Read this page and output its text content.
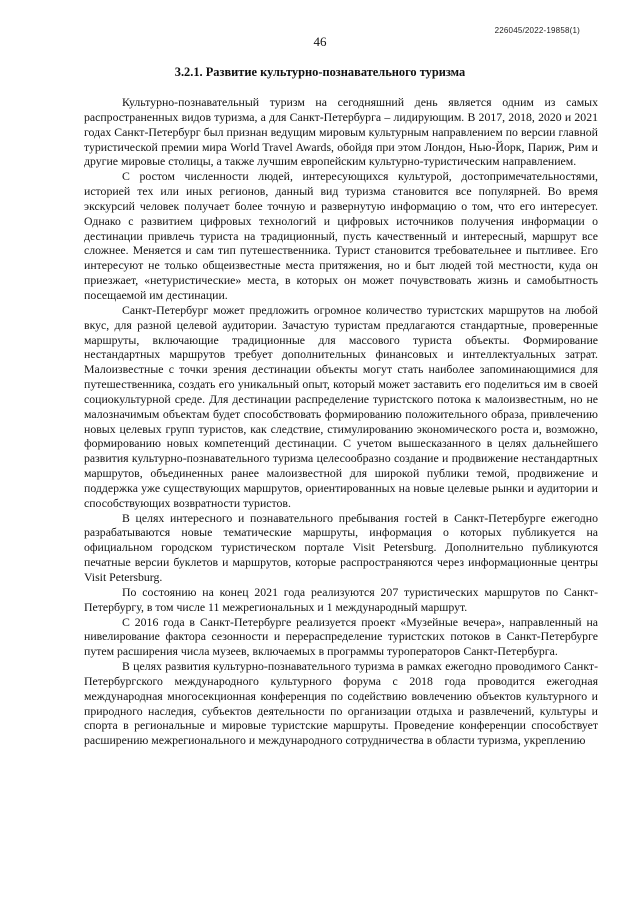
226045/2022-19858(1)
46
3.2.1. Развитие культурно-познавательного туризма

Культурно-познавательный туризм на сегодняшний день является одним из самых распространенных видов туризма, а для Санкт-Петербурга – лидирующим. В 2017, 2018, 2020 и 2021 годах Санкт-Петербург был признан ведущим мировым культурным направлением по версии главной туристической премии мира World Travel Awards, обойдя при этом Лондон, Нью-Йорк, Париж, Рим и другие мировые столицы, а также лучшим европейским культурно-туристическим направлением.

С ростом численности людей, интересующихся культурой, достопримечательностями, историей тех или иных регионов, данный вид туризма становится все популярней. Во время экскурсий человек получает более точную и развернутую информацию о том, что его интересует. Однако с развитием цифровых технологий и цифровых источников получения информации о дестинации привлечь туриста на традиционный, пусть качественный и интересный, маршрут все сложнее. Меняется и сам тип путешественника. Турист становится требовательнее и пытливее. Его интересуют не только общеизвестные места притяжения, но и быт людей той местности, куда он приезжает, «нетуристические» места, в которых он может почувствовать жизнь и самобытность посещаемой им дестинации.

Санкт-Петербург может предложить огромное количество туристских маршрутов на любой вкус, для разной целевой аудитории. Зачастую туристам предлагаются стандартные, проверенные маршруты, включающие традиционные для массового туриста объекты. Формирование нестандартных маршрутов требует дополнительных финансовых и интеллектуальных затрат. Малоизвестные с точки зрения дестинации объекты могут стать наиболее запоминающимися для путешественника, создать его уникальный опыт, который может заставить его поделиться им в своей социокультурной среде. Для дестинации распределение туристского потока к малоизвестным, но не малозначимым объектам будет способствовать формированию положительного образа, привлечению новых целевых групп туристов, как следствие, стимулированию экономического роста и, возможно, формированию новых компетенций дестинации. С учетом вышесказанного в целях дальнейшего развития культурно-познавательного туризма целесообразно создание и продвижение нестандартных маршрутов, объединенных ранее малоизвестной для широкой публики темой, продвижение и поддержка уже существующих маршрутов, ориентированных на новые целевые рынки и аудитории и способствующих возвратности туристов.

В целях интересного и познавательного пребывания гостей в Санкт-Петербурге ежегодно разрабатываются новые тематические маршруты, информация о которых публикуется на официальном городском туристическом портале Visit Petersburg. Дополнительно публикуются печатные версии буклетов и маршрутов, которые распространяются через информационные центры Visit Petersburg.

По состоянию на конец 2021 года реализуются 207 туристических маршрутов по Санкт-Петербургу, в том числе 11 межрегиональных и 1 международный маршрут.

С 2016 года в Санкт-Петербурге реализуется проект «Музейные вечера», направленный на нивелирование фактора сезонности и перераспределение туристских потоков в Санкт-Петербурге путем расширения числа музеев, включаемых в программы туроператоров Санкт-Петербурга.

В целях развития культурно-познавательного туризма в рамках ежегодно проводимого Санкт-Петербургского международного культурного форума с 2018 года проводится ежегодная международная многосекционная конференция по содействию вовлечению объектов культурного и природного наследия, субъектов деятельности по организации отдыха и развлечений, культуры и спорта в региональные и мировые туристские маршруты. Проведение конференции способствует расширению межрегионального и международного сотрудничества в области туризма, укреплению
